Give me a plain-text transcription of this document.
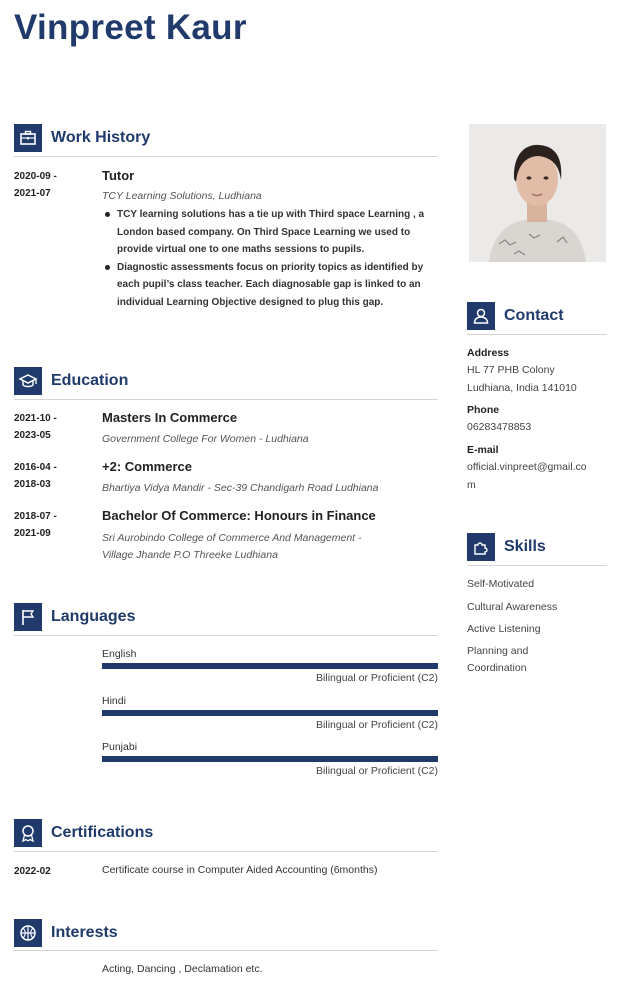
Vinpreet Kaur
Work History
2020-09 -
2021-07
Tutor
TCY Learning Solutions, Ludhiana
TCY learning solutions has a tie up with Third space Learning , a London based company. On Third Space Learning we used to provide virtual one to one maths sessions to pupils.
Diagnostic assessments focus on priority topics as identified by each pupil’s class teacher. Each diagnosable gap is linked to an individual Learning Objective designed to plug this gap.
Education
2021-10 -
2023-05
Masters In Commerce
Government College For Women - Ludhiana
2016-04 -
2018-03
+2: Commerce
Bhartiya Vidya Mandir - Sec-39 Chandigarh Road Ludhiana
2018-07 -
2021-09
Bachelor Of Commerce: Honours in Finance
Sri Aurobindo College of Commerce And Management -
Village Jhande P.O Threeke Ludhiana
Languages
English
Bilingual or Proficient (C2)
Hindi
Bilingual or Proficient (C2)
Punjabi
Bilingual or Proficient (C2)
Certifications
2022-02	Certificate course in Computer Aided Accounting (6months)
Interests
Acting, Dancing , Declamation etc.
Contact
Address
HL 77 PHB Colony
Ludhiana, India 141010
Phone
06283478853
E-mail
official.vinpreet@gmail.co
m
Skills
Self-Motivated
Cultural Awareness
Active Listening
Planning and Coordination
